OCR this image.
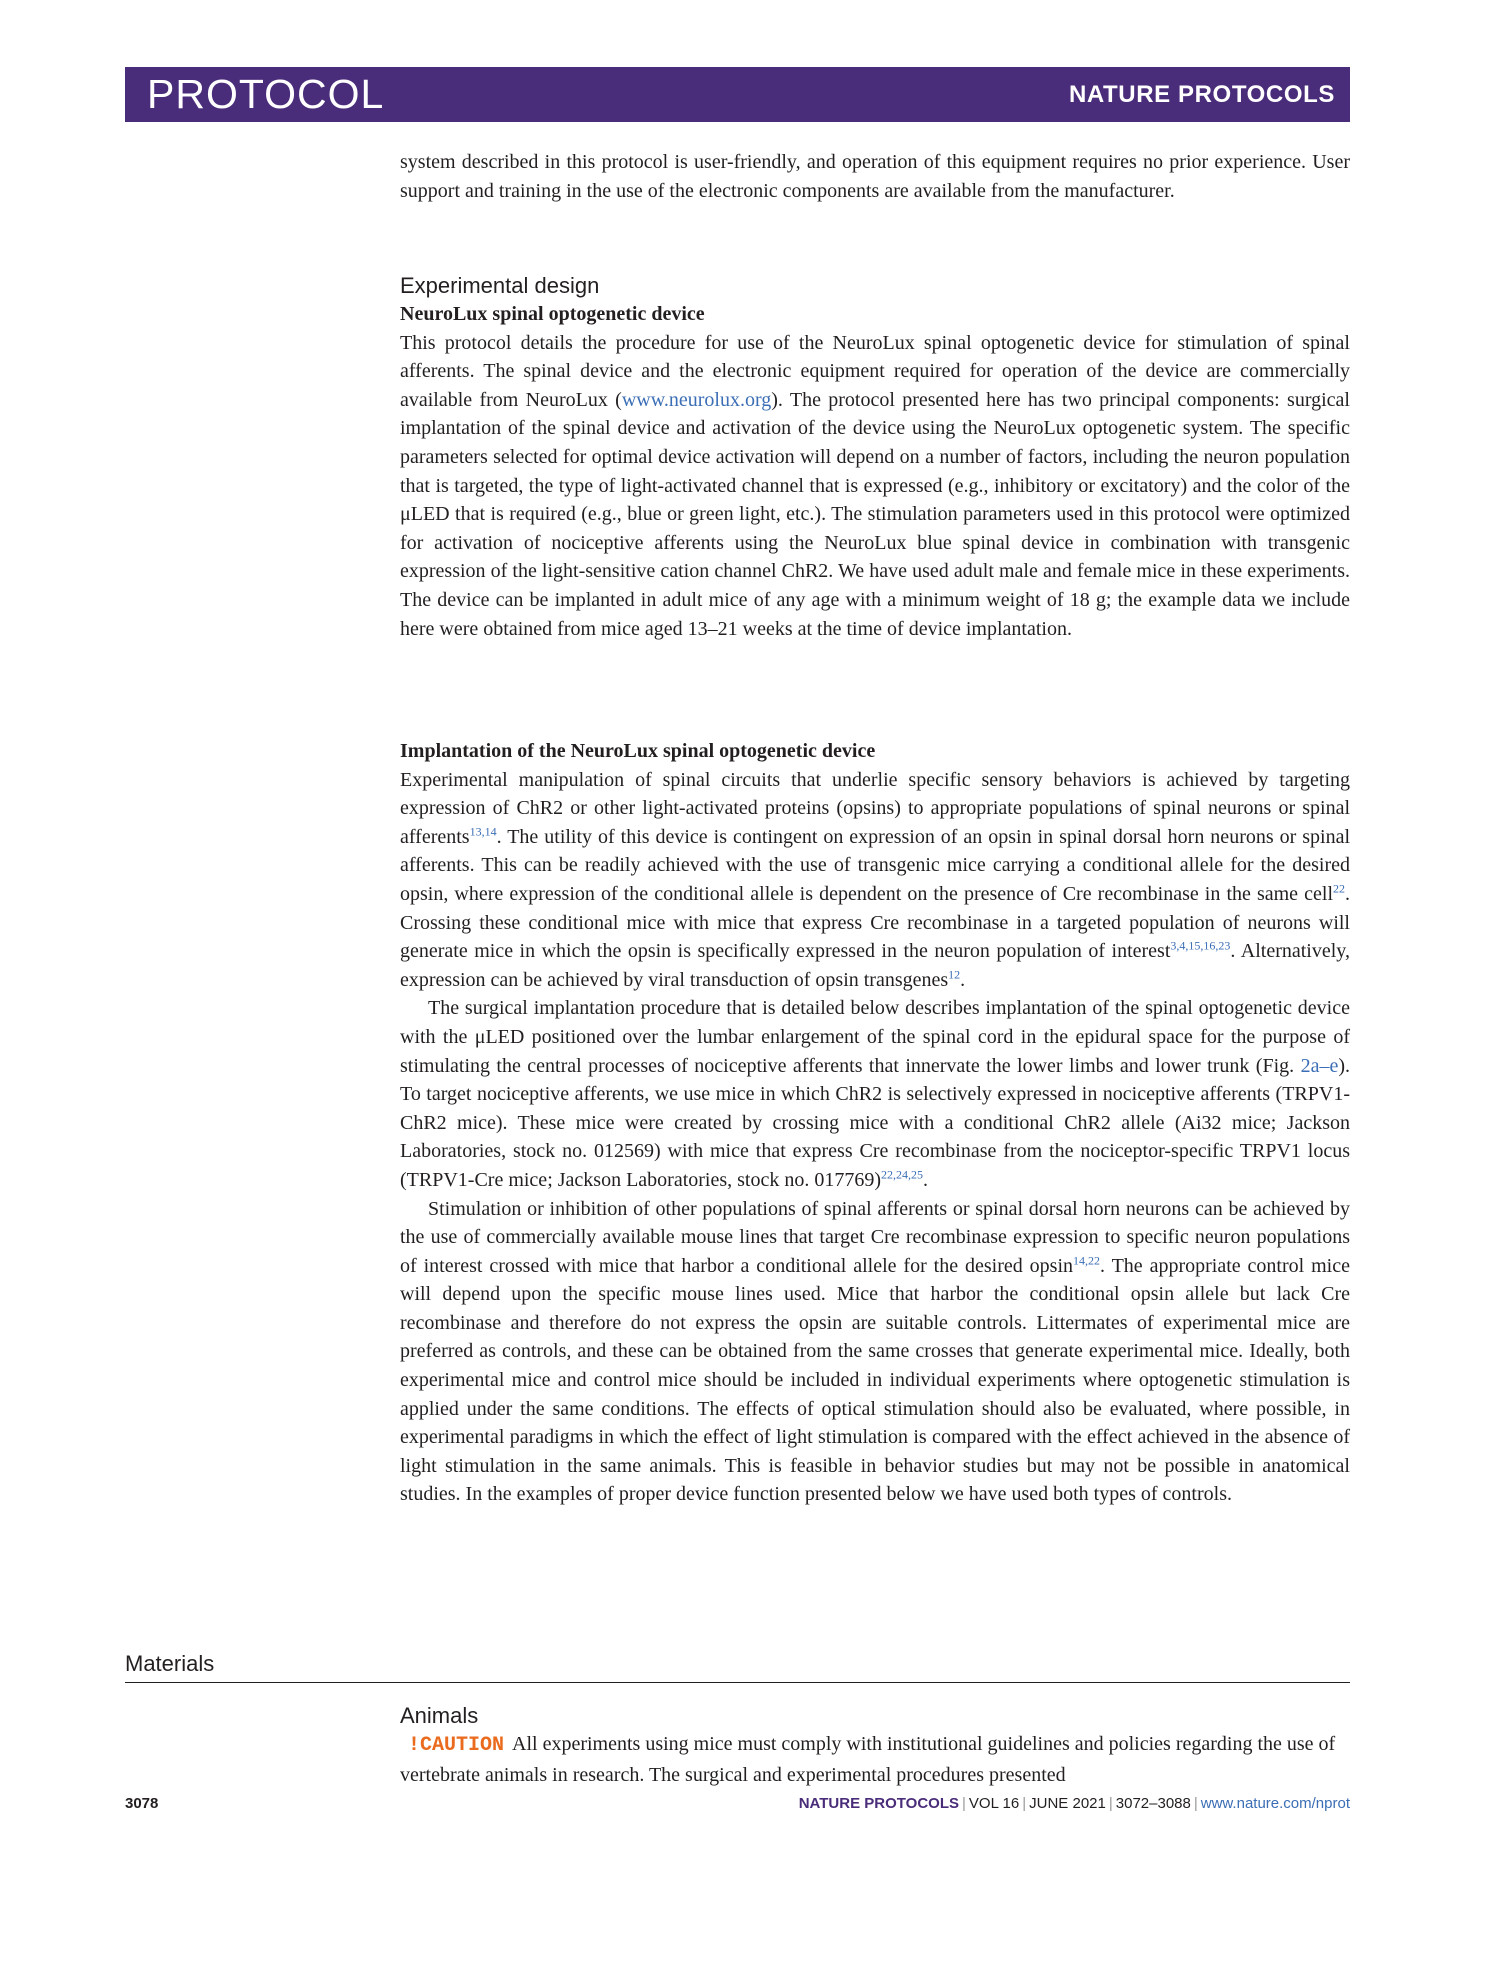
PROTOCOL	NATURE PROTOCOLS

system described in this protocol is user-friendly, and operation of this equipment requires no prior experience. User support and training in the use of the electronic components are available from the manufacturer.

Experimental design
NeuroLux spinal optogenetic device

This protocol details the procedure for use of the NeuroLux spinal optogenetic device for stimulation of spinal afferents. The spinal device and the electronic equipment required for operation of the device are commercially available from NeuroLux (www.neurolux.org). The protocol presented here has two principal components: surgical implantation of the spinal device and activation of the device using the NeuroLux optogenetic system. The specific parameters selected for optimal device activation will depend on a number of factors, including the neuron population that is targeted, the type of light-activated channel that is expressed (e.g., inhibitory or excitatory) and the color of the μLED that is required (e.g., blue or green light, etc.). The stimulation parameters used in this protocol were optimized for activation of nociceptive afferents using the NeuroLux blue spinal device in combination with transgenic expression of the light-sensitive cation channel ChR2. We have used adult male and female mice in these experiments. The device can be implanted in adult mice of any age with a minimum weight of 18 g; the example data we include here were obtained from mice aged 13–21 weeks at the time of device implantation.

Implantation of the NeuroLux spinal optogenetic device

Experimental manipulation of spinal circuits that underlie specific sensory behaviors is achieved by targeting expression of ChR2 or other light-activated proteins (opsins) to appropriate populations of spinal neurons or spinal afferents$^{13,14}$. The utility of this device is contingent on expression of an opsin in spinal dorsal horn neurons or spinal afferents. This can be readily achieved with the use of transgenic mice carrying a conditional allele for the desired opsin, where expression of the conditional allele is dependent on the presence of Cre recombinase in the same cell$^{22}$. Crossing these conditional mice with mice that express Cre recombinase in a targeted population of neurons will generate mice in which the opsin is specifically expressed in the neuron population of interest$^{3,4,15,16,23}$. Alternatively, expression can be achieved by viral transduction of opsin transgenes$^{12}$.

The surgical implantation procedure that is detailed below describes implantation of the spinal optogenetic device with the μLED positioned over the lumbar enlargement of the spinal cord in the epidural space for the purpose of stimulating the central processes of nociceptive afferents that innervate the lower limbs and lower trunk (Fig. 2a–e). To target nociceptive afferents, we use mice in which ChR2 is selectively expressed in nociceptive afferents (TRPV1-ChR2 mice). These mice were created by crossing mice with a conditional ChR2 allele (Ai32 mice; Jackson Laboratories, stock no. 012569) with mice that express Cre recombinase from the nociceptor-specific TRPV1 locus (TRPV1-Cre mice; Jackson Laboratories, stock no. 017769)$^{22,24,25}$.

Stimulation or inhibition of other populations of spinal afferents or spinal dorsal horn neurons can be achieved by the use of commercially available mouse lines that target Cre recombinase expression to specific neuron populations of interest crossed with mice that harbor a conditional allele for the desired opsin$^{14,22}$. The appropriate control mice will depend upon the specific mouse lines used. Mice that harbor the conditional opsin allele but lack Cre recombinase and therefore do not express the opsin are suitable controls. Littermates of experimental mice are preferred as controls, and these can be obtained from the same crosses that generate experimental mice. Ideally, both experimental mice and control mice should be included in individual experiments where optogenetic stimulation is applied under the same conditions. The effects of optical stimulation should also be evaluated, where possible, in experimental paradigms in which the effect of light stimulation is compared with the effect achieved in the absence of light stimulation in the same animals. This is feasible in behavior studies but may not be possible in anatomical studies. In the examples of proper device function presented below we have used both types of controls.

Materials
Animals

!CAUTION All experiments using mice must comply with institutional guidelines and policies regarding the use of vertebrate animals in research. The surgical and experimental procedures presented

3078	NATURE PROTOCOLS | VOL 16 | JUNE 2021 | 3072–3088 | www.nature.com/nprot
